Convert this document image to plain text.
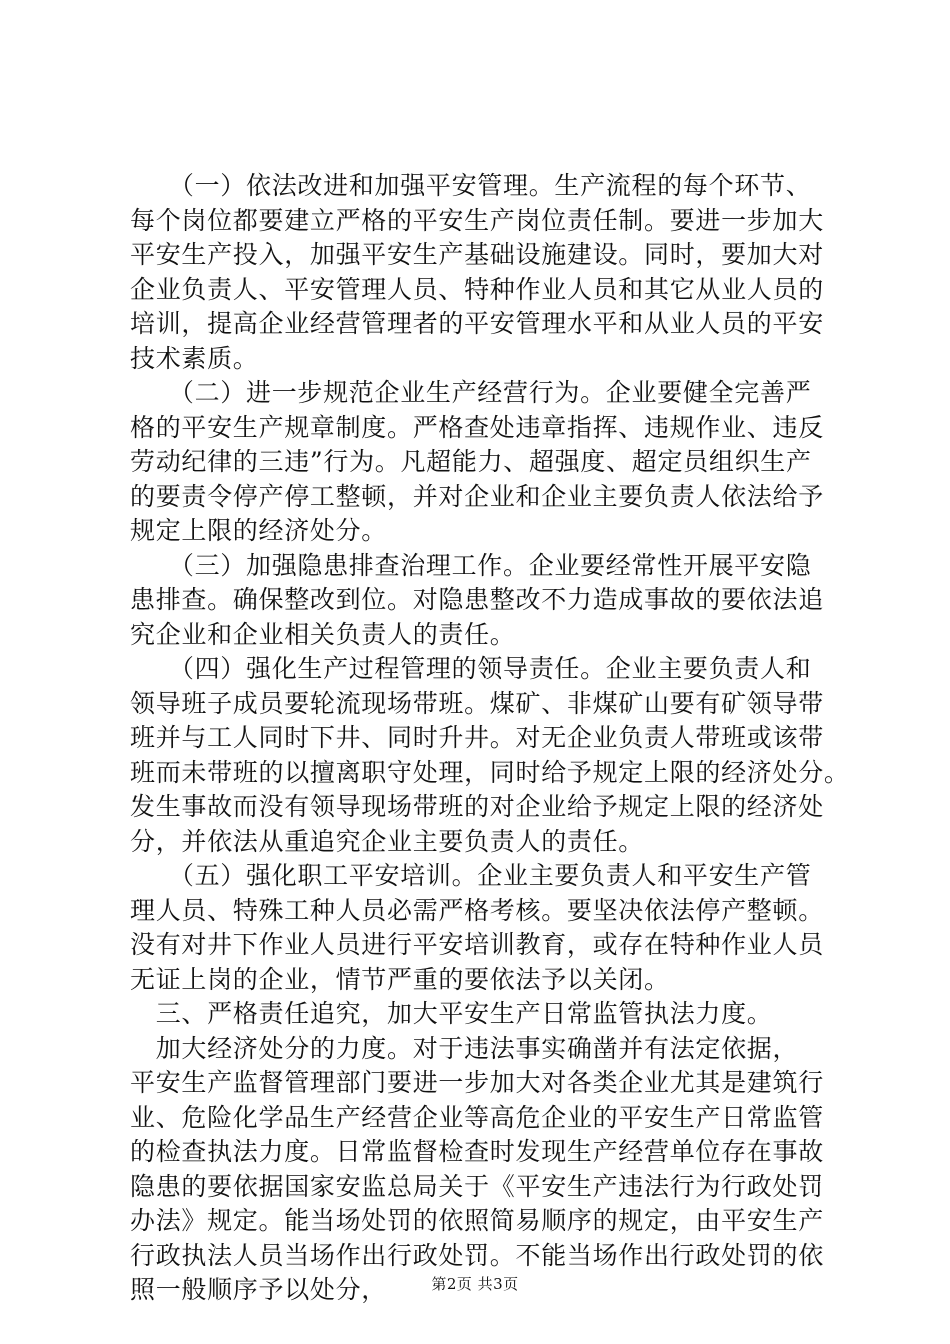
　　（一）依法改进和加强平安管理。生产流程的每个环节、
每个岗位都要建立严格的平安生产岗位责任制。要进一步加大
平安生产投入，加强平安生产基础设施建设。同时，要加大对
企业负责人、平安管理人员、特种作业人员和其它从业人员的
培训，提高企业经营管理者的平安管理水平和从业人员的平安
技术素质。
　　（二）进一步规范企业生产经营行为。企业要健全完善严
格的平安生产规章制度。严格查处违章指挥、违规作业、违反
劳动纪律的三违”行为。凡超能力、超强度、超定员组织生产
的要责令停产停工整顿，并对企业和企业主要负责人依法给予
规定上限的经济处分。
　　（三）加强隐患排查治理工作。企业要经常性开展平安隐
患排查。确保整改到位。对隐患整改不力造成事故的要依法追
究企业和企业相关负责人的责任。
　　（四）强化生产过程管理的领导责任。企业主要负责人和
领导班子成员要轮流现场带班。煤矿、非煤矿山要有矿领导带
班并与工人同时下井、同时升井。对无企业负责人带班或该带
班而未带班的以擅离职守处理，同时给予规定上限的经济处分。
发生事故而没有领导现场带班的对企业给予规定上限的经济处
分，并依法从重追究企业主要负责人的责任。
　　（五）强化职工平安培训。企业主要负责人和平安生产管
理人员、特殊工种人员必需严格考核。要坚决依法停产整顿。
没有对井下作业人员进行平安培训教育，或存在特种作业人员
无证上岗的企业，情节严重的要依法予以关闭。
　三、严格责任追究，加大平安生产日常监管执法力度。
　加大经济处分的力度。对于违法事实确凿并有法定依据，
平安生产监督管理部门要进一步加大对各类企业尤其是建筑行
业、危险化学品生产经营企业等高危企业的平安生产日常监管
的检查执法力度。日常监督检查时发现生产经营单位存在事故
隐患的要依据国家安监总局关于《平安生产违法行为行政处罚
办法》规定。能当场处罚的依照简易顺序的规定，由平安生产
行政执法人员当场作出行政处罚。不能当场作出行政处罚的依
照一般顺序予以处分，	第2页 共3页
